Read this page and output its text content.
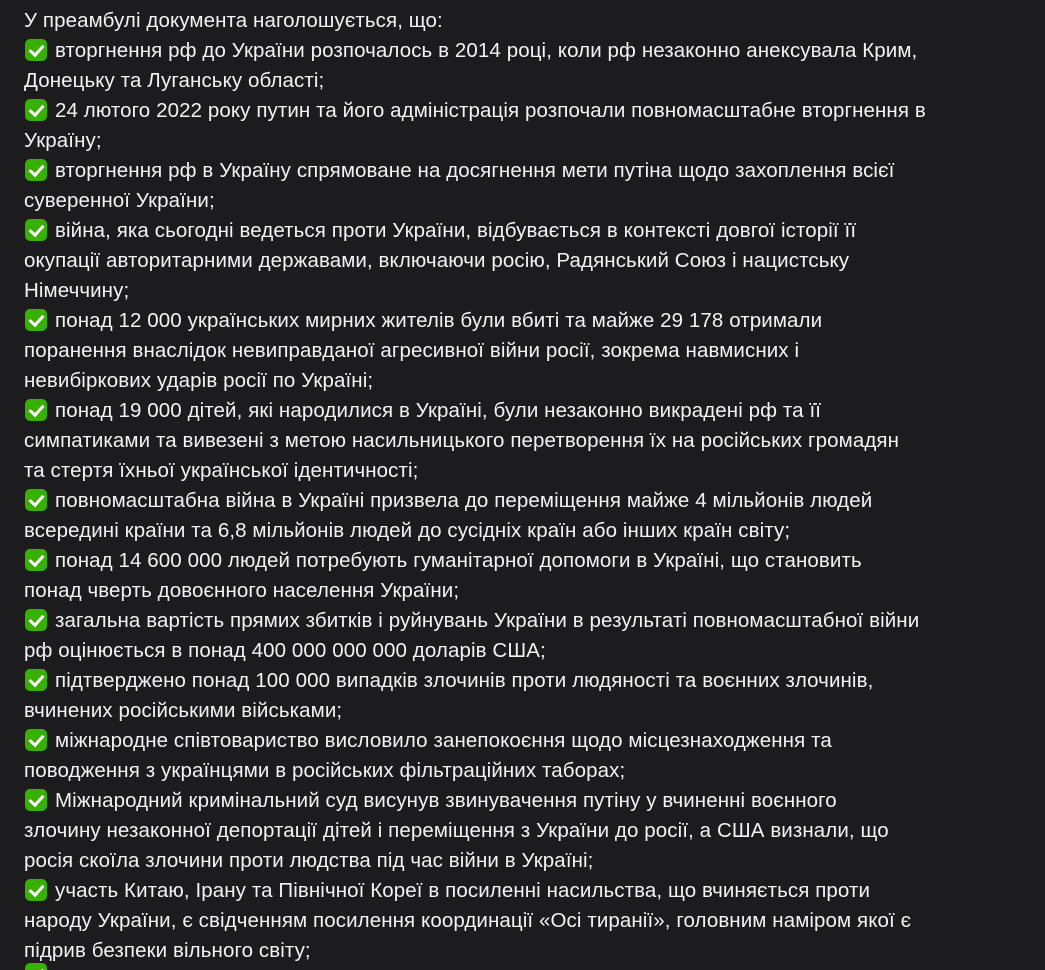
У преамбулі документа наголошується, що:
вторгнення рф до України розпочалось в 2014 році, коли рф незаконно анексувала Крим,
Донецьку та Луганську області;
24 лютого 2022 року путин та його адміністрація розпочали повномасштабне вторгнення в
Україну;
вторгнення рф в Україну спрямоване на досягнення мети путіна щодо захоплення всієї
суверенної України;
війна, яка сьогодні ведеться проти України, відбувається в контексті довгої історії її
окупації авторитарними державами, включаючи росію, Радянський Союз і нацистську
Німеччину;
понад 12 000 українських мирних жителів були вбиті та майже 29 178 отримали
поранення внаслідок невиправданої агресивної війни росії, зокрема навмисних і
невибіркових ударів росії по Україні;
понад 19 000 дітей, які народилися в Україні, були незаконно викрадені рф та її
симпатиками та вивезені з метою насильницького перетворення їх на російських громадян
та стертя їхньої української ідентичності;
повномасштабна війна в Україні призвела до переміщення майже 4 мільйонів людей
всередині країни та 6,8 мільйонів людей до сусідніх країн або інших країн світу;
понад 14 600 000 людей потребують гуманітарної допомоги в Україні, що становить
понад чверть довоєнного населення України;
загальна вартість прямих збитків і руйнувань України в результаті повномасштабної війни
рф оцінюється в понад 400 000 000 000 доларів США;
підтверджено понад 100 000 випадків злочинів проти людяності та воєнних злочинів,
вчинених російськими військами;
міжнародне співтовариство висловило занепокоєння щодо місцезнаходження та
поводження з українцями в російських фільтраційних таборах;
Міжнародний кримінальний суд висунув звинувачення путіну у вчиненні воєнного
злочину незаконної депортації дітей і переміщення з України до росії, а США визнали, що
росія скоїла злочини проти людства під час війни в Україні;
участь Китаю, Ірану та Північної Кореї в посиленні насильства, що вчиняється проти
народу України, є свідченням посилення координації «Осі тиранії», головним наміром якої є
підрив безпеки вільного світу;
